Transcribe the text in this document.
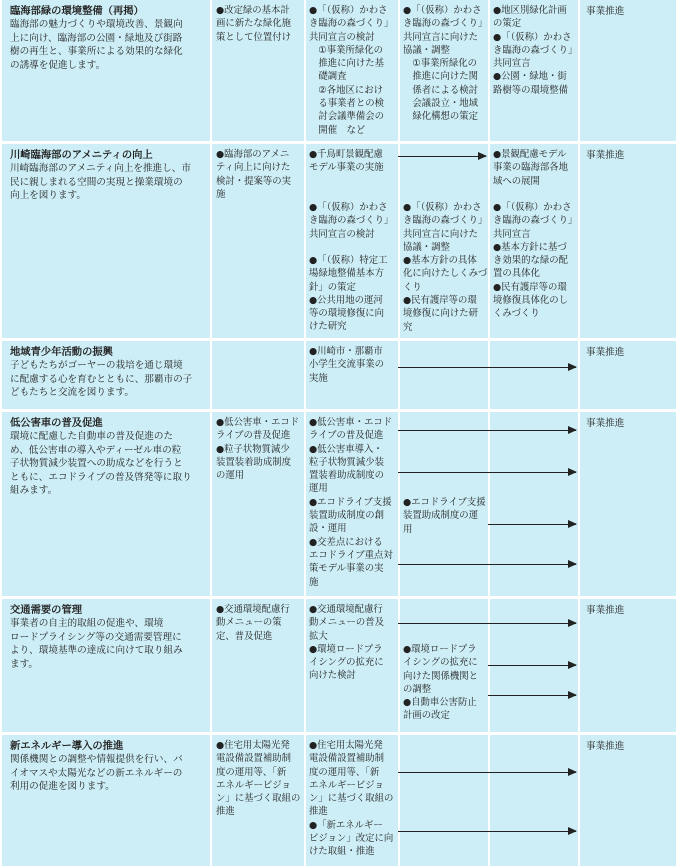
臨海部緑の環境整備（再掲）
臨海部の魅力づくりや環境改善、景観向
上に向け、臨海部の公園・緑地及び街路
樹の再生と、事業所による効果的な緑化
の誘導を促進します。
●改定緑の基本計
画に新たな緑化施
策として位置付け
●「（仮称）かわさ
き臨海の森づくり」
共同宣言の検討
　①事業所緑化の
　推進に向けた基
　礎調査
　②各地区におけ
　る事業者との検
　討会議準備会の
　開催　など
●「（仮称）かわさ
き臨海の森づくり」
共同宣言に向けた
協議・調整
　①事業所緑化の
　推進に向けた関
　係者による検討
　会議設立・地域
　緑化構想の策定
●地区別緑化計画
の策定
●「（仮称）かわさ
き臨海の森づくり」
共同宣言
●公園・緑地・街
路樹等の環境整備
事業推進
川崎臨海部のアメニティの向上
川崎臨海部のアメニティ向上を推進し、市
民に親しまれる空間の実現と操業環境の
向上を図ります。
●臨海部のアメニ
ティ向上に向けた
検討・提案等の実
施
●千鳥町景観配慮
モデル事業の実施
●「（仮称）かわさ
き臨海の森づくり」
共同宣言の検討
●「（仮称）特定工
場緑地整備基本方
針」の策定
●公共用地の運河
等の環境修復に向
けた研究
●「（仮称）かわさ
き臨海の森づくり」
共同宣言に向けた
協議・調整
●基本方針の具体
化に向けたしくみづ
くり
●民有護岸等の環
境修復に向けた研
究
●景観配慮モデル
事業の臨海部各地
域への展開
●「（仮称）かわさ
き臨海の森づくり」
共同宣言
●基本方針に基づ
き効果的な緑の配
置の具体化
●民有護岸等の環
境修復具体化のし
くみづくり
事業推進
地域青少年活動の振興
子どもたちがゴーヤーの栽培を通じ環境
に配慮する心を育むとともに、那覇市の子
どもたちと交流を図ります。
●川崎市・那覇市
小学生交流事業の
実施
事業推進
低公害車の普及促進
環境に配慮した自動車の普及促進のた
め、低公害車の導入やディーゼル車の粒
子状物質減少装置への助成などを行うと
ともに、エコドライブの普及啓発等に取り
組みます。
●低公害車・エコド
ライブの普及促進
●粒子状物質減少
装置装着助成制度
の運用
●低公害車・エコド
ライブの普及促進
●低公害車導入・
粒子状物質減少装
置装着助成制度の
運用
●エコドライブ支援
装置助成制度の創
設・運用
●交差点における
エコドライブ重点対
策モデル事業の実
施
●エコドライブ支援
装置助成制度の運
用
事業推進
交通需要の管理
事業者の自主的取組の促進や、環境
ロードプライシング等の交通需要管理に
より、環境基準の達成に向けて取り組み
ます。
●交通環境配慮行
動メニューの策
定、普及促進
●交通環境配慮行
動メニューの普及
拡大
●環境ロードプラ
イシングの拡充に
向けた検討
●環境ロードプラ
イシングの拡充に
向けた関係機関と
の調整
●自動車公害防止
計画の改定
事業推進
新エネルギー導入の推進
関係機関との調整や情報提供を行い、バ
イオマスや太陽光などの新エネルギーの
利用の促進を図ります。
●住宅用太陽光発
電設備設置補助制
度の運用等、「新
エネルギービジョ
ン」に基づく取組の
推進
●住宅用太陽光発
電設備設置補助制
度の運用等、「新
エネルギービジョ
ン」に基づく取組の
推進
●「新エネルギー
ビジョン」改定に向
けた取組・推進
事業推進
